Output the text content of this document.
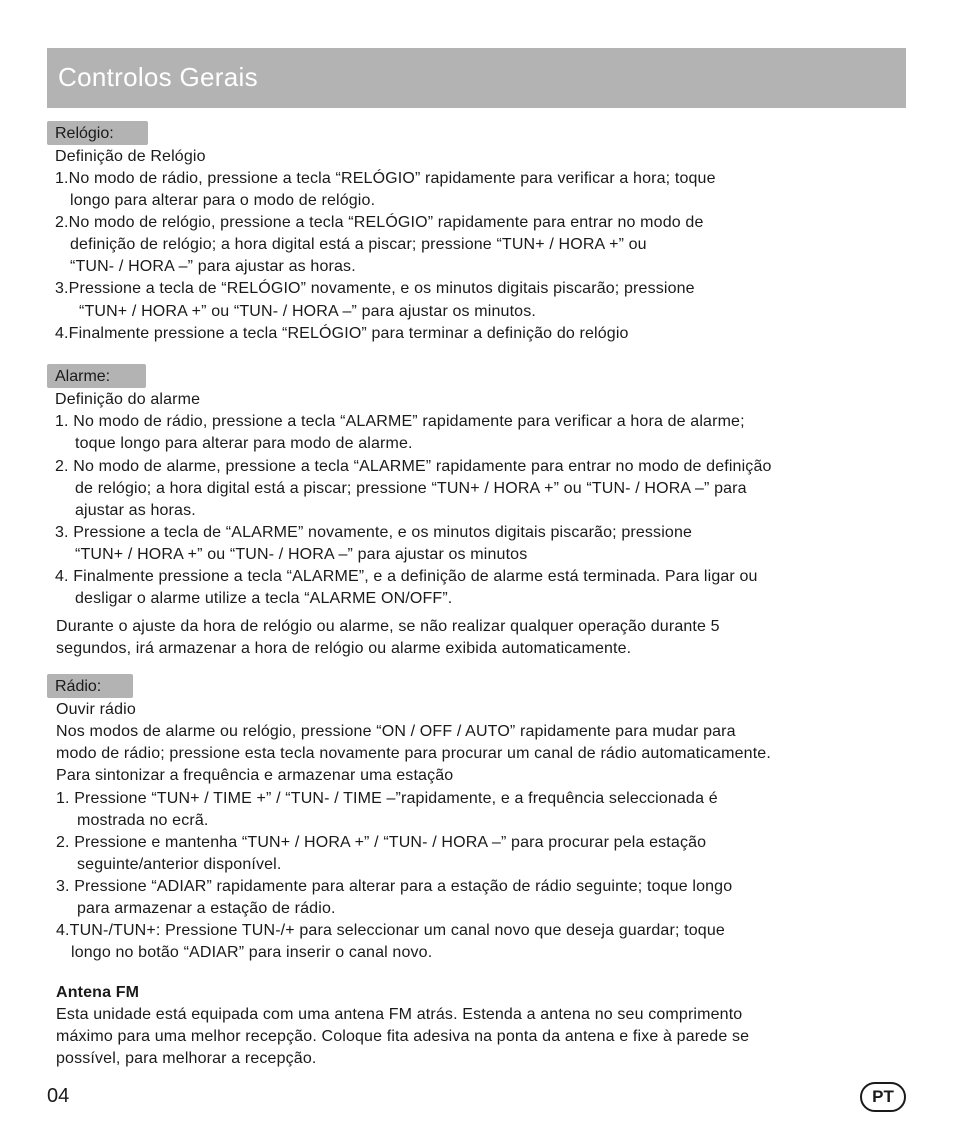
Controlos Gerais
Relógio:
Definição de Relógio
1.No modo de rádio, pressione a tecla “RELÓGIO” rapidamente para verificar a hora; toque
longo para alterar para o modo de relógio.
2.No modo de relógio, pressione a tecla “RELÓGIO” rapidamente para entrar no modo de
definição de relógio; a hora digital está a piscar; pressione “TUN+ / HORA +” ou
“TUN- / HORA –” para ajustar as horas.
3.Pressione a tecla de “RELÓGIO” novamente, e os minutos digitais piscarão; pressione
“TUN+ / HORA +” ou “TUN- / HORA –” para ajustar os minutos.
4.Finalmente pressione a tecla “RELÓGIO” para terminar a definição do relógio
Alarme:
Definição do alarme
1. No modo de rádio, pressione a tecla “ALARME” rapidamente para verificar a hora de alarme;
toque longo para alterar para modo de alarme.
2. No modo de alarme, pressione a tecla “ALARME” rapidamente para entrar no modo de definição
de relógio; a hora digital está a piscar; pressione “TUN+ / HORA +” ou “TUN- / HORA –” para
ajustar as horas.
3. Pressione a tecla de “ALARME” novamente, e os minutos digitais piscarão; pressione
“TUN+ / HORA +” ou “TUN- / HORA –” para ajustar os minutos
4. Finalmente pressione a tecla “ALARME”, e a definição de alarme está terminada. Para ligar ou
desligar o alarme utilize a tecla “ALARME ON/OFF”.
Durante o ajuste da hora de relógio ou alarme, se não realizar qualquer operação durante 5
segundos, irá armazenar a hora de relógio ou alarme exibida automaticamente.
Rádio:
Ouvir rádio
Nos modos de alarme ou relógio, pressione “ON / OFF / AUTO” rapidamente para mudar para
modo de rádio; pressione esta tecla novamente para procurar um canal de rádio automaticamente.
Para sintonizar a frequência e armazenar uma estação
1. Pressione “TUN+ / TIME +” / “TUN- / TIME –”rapidamente, e a frequência seleccionada é
mostrada no ecrã.
2. Pressione e mantenha “TUN+ / HORA +” / “TUN- / HORA –” para procurar pela estação
seguinte/anterior disponível.
3. Pressione “ADIAR” rapidamente para alterar para a estação de rádio seguinte; toque longo
para armazenar a estação de rádio.
4.TUN-/TUN+: Pressione TUN-/+ para seleccionar um canal novo que deseja guardar; toque
longo no botão “ADIAR” para inserir o canal novo.
Antena FM
Esta unidade está equipada com uma antena FM atrás. Estenda a antena no seu comprimento
máximo para uma melhor recepção. Coloque fita adesiva na ponta da antena e fixe à parede se
possível, para melhorar a recepção.
04	PT
